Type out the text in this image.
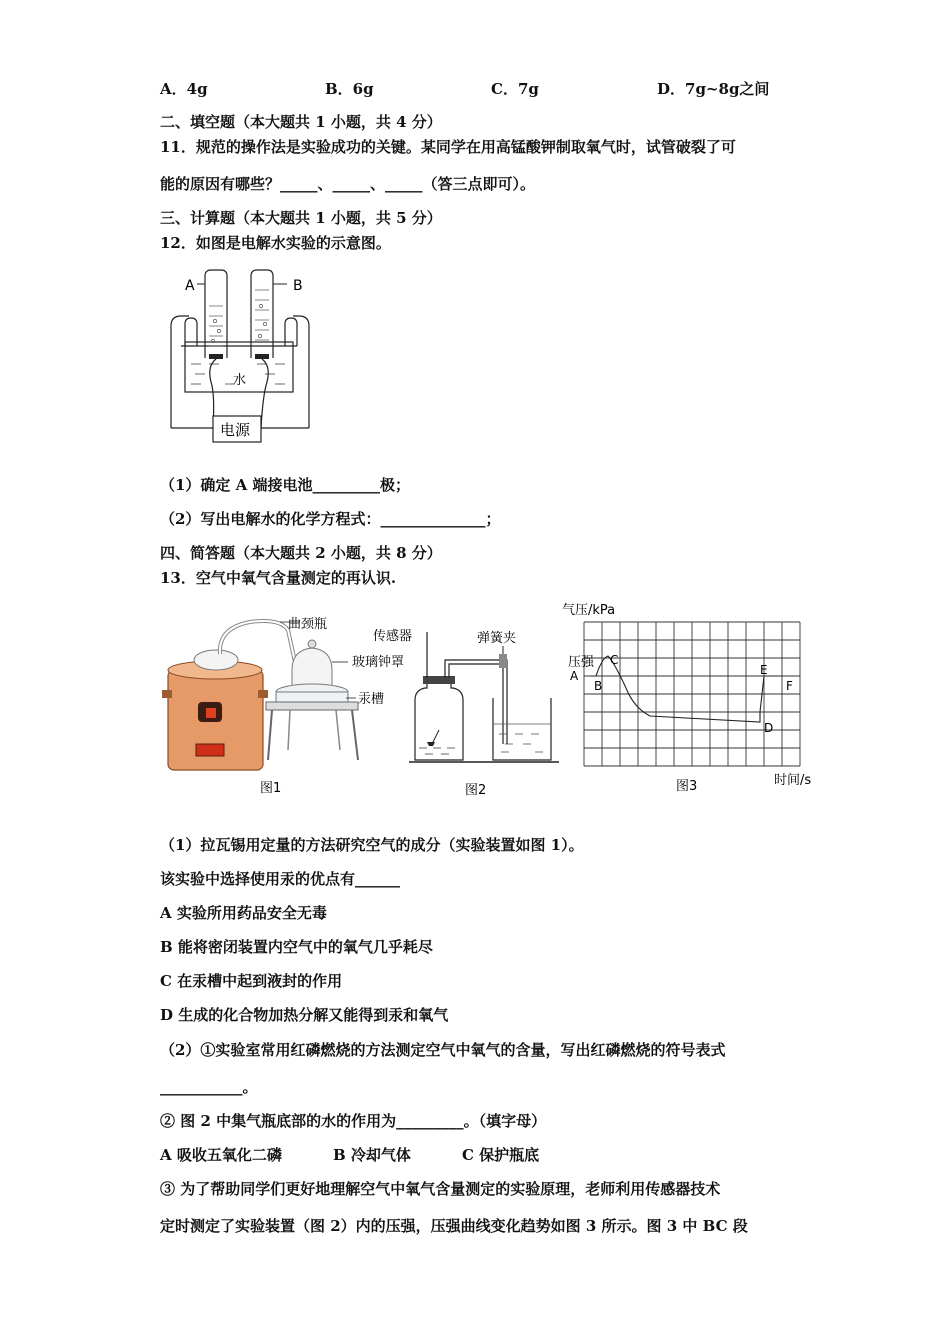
A．4g	B．6g	C．7g	D．7g~8g之间
二、填空题（本大题共 1 小题，共 4 分）
11．规范的操作法是实验成功的关键。某同学在用高锰酸钾制取氧气时，试管破裂了可
能的原因有哪些？_____、_____、_____（答三点即可）。
三、计算题（本大题共 1 小题，共 5 分）
12．如图是电解水实验的示意图。
A	B
水
电源
（1）确定 A 端接电池_________极；
（2）写出电解水的化学方程式：______________；
四、简答题（本大题共 2 小题，共 8 分）
13．空气中氧气含量测定的再认识.
曲颈瓶
玻璃钟罩
汞槽
图1
传感器	弹簧夹
图2
气压/kPa
压强
A
B
C
D
E
F
图3	时间/s
（1）拉瓦锡用定量的方法研究空气的成分（实验装置如图 1）。
该实验中选择使用汞的优点有______
A 实验所用药品安全无毒
B 能将密闭装置内空气中的氧气几乎耗尽
C 在汞槽中起到液封的作用
D 生成的化合物加热分解又能得到汞和氧气
（2）①实验室常用红磷燃烧的方法测定空气中氧气的含量，写出红磷燃烧的符号表式
___________。
② 图 2 中集气瓶底部的水的作用为_________。（填字母）
A 吸收五氧化二磷	B 冷却气体	C 保护瓶底
③ 为了帮助同学们更好地理解空气中氧气含量测定的实验原理，老师利用传感器技术
定时测定了实验装置（图 2）内的压强，压强曲线变化趋势如图 3 所示。图 3 中 BC 段
